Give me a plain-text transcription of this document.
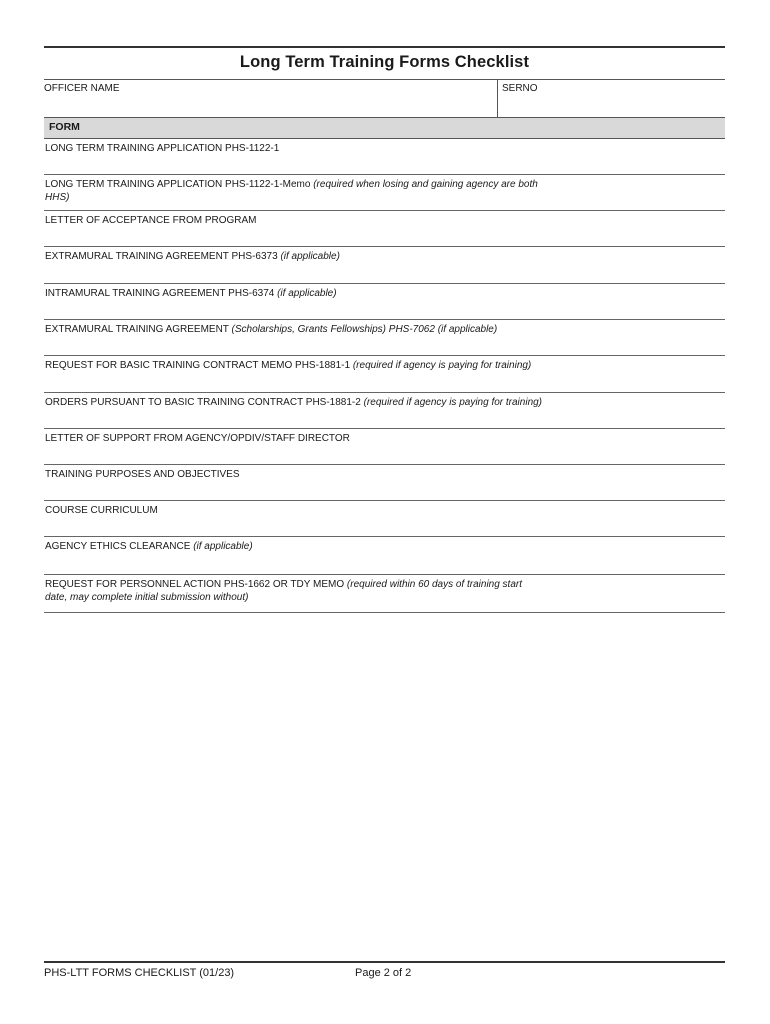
Long Term Training Forms Checklist
OFFICER NAME	SERNO
FORM
LONG TERM TRAINING APPLICATION PHS-1122-1
LONG TERM TRAINING APPLICATION PHS-1122-1-Memo (required when losing and gaining agency are both HHS)
LETTER OF ACCEPTANCE FROM PROGRAM
EXTRAMURAL TRAINING AGREEMENT PHS-6373 (if applicable)
INTRAMURAL TRAINING AGREEMENT PHS-6374 (if applicable)
EXTRAMURAL TRAINING AGREEMENT (Scholarships, Grants Fellowships) PHS-7062 (if applicable)
REQUEST FOR BASIC TRAINING CONTRACT MEMO PHS-1881-1 (required if agency is paying for training)
ORDERS PURSUANT TO BASIC TRAINING CONTRACT PHS-1881-2 (required if agency is paying for training)
LETTER OF SUPPORT FROM AGENCY/OPDIV/STAFF DIRECTOR
TRAINING PURPOSES AND OBJECTIVES
COURSE CURRICULUM
AGENCY ETHICS CLEARANCE (if applicable)
REQUEST FOR PERSONNEL ACTION PHS-1662 OR TDY MEMO (required within 60 days of training start date, may complete initial submission without)
PHS-LTT FORMS CHECKLIST (01/23)	Page 2 of 2
